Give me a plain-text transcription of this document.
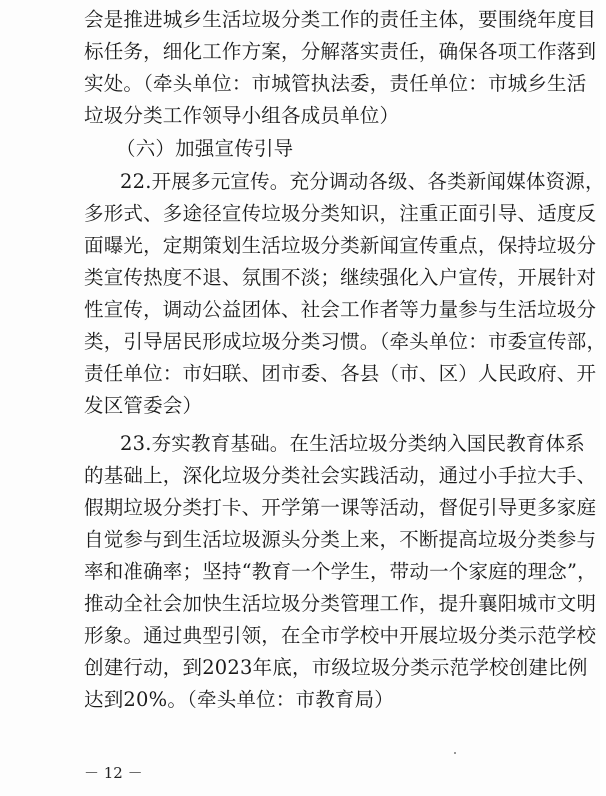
会是推进城乡生活垃圾分类工作的责任主体，要围绕年度目
标任务，细化工作方案，分解落实责任，确保各项工作落到
实处。（牵头单位：市城管执法委，责任单位：市城乡生活
垃圾分类工作领导小组各成员单位）
（六）加强宣传引导
22.开展多元宣传。充分调动各级、各类新闻媒体资源，
多形式、多途径宣传垃圾分类知识，注重正面引导、适度反
面曝光，定期策划生活垃圾分类新闻宣传重点，保持垃圾分
类宣传热度不退、氛围不淡；继续强化入户宣传，开展针对
性宣传，调动公益团体、社会工作者等力量参与生活垃圾分
类，引导居民形成垃圾分类习惯。（牵头单位：市委宣传部，
责任单位：市妇联、团市委、各县（市、区）人民政府、开
发区管委会）
23.夯实教育基础。在生活垃圾分类纳入国民教育体系
的基础上，深化垃圾分类社会实践活动，通过小手拉大手、
假期垃圾分类打卡、开学第一课等活动，督促引导更多家庭
自觉参与到生活垃圾源头分类上来，不断提高垃圾分类参与
率和准确率；坚持“教育一个学生，带动一个家庭的理念”，
推动全社会加快生活垃圾分类管理工作，提升襄阳城市文明
形象。通过典型引领，在全市学校中开展垃圾分类示范学校
创建行动，到2023年底，市级垃圾分类示范学校创建比例
达到20%。（牵头单位：市教育局）
－ 12 －
